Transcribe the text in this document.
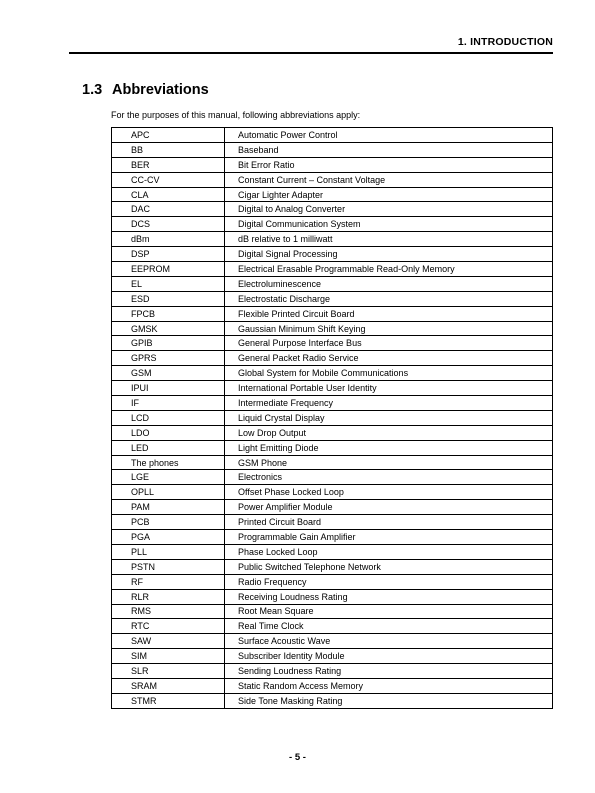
1. INTRODUCTION
1.3 Abbreviations
For the purposes of this manual, following abbreviations apply:
APC	Automatic Power Control
BB	Baseband
BER	Bit Error Ratio
CC-CV	Constant Current – Constant Voltage
CLA	Cigar Lighter Adapter
DAC	Digital to Analog Converter
DCS	Digital Communication System
dBm	dB relative to 1 milliwatt
DSP	Digital Signal Processing
EEPROM	Electrical Erasable Programmable Read-Only Memory
EL	Electroluminescence
ESD	Electrostatic Discharge
FPCB	Flexible Printed Circuit Board
GMSK	Gaussian Minimum Shift Keying
GPIB	General Purpose Interface Bus
GPRS	General Packet Radio Service
GSM	Global System for Mobile Communications
IPUI	International Portable User Identity
IF	Intermediate Frequency
LCD	Liquid Crystal Display
LDO	Low Drop Output
LED	Light Emitting Diode
The phones	GSM Phone
LGE	Electronics
OPLL	Offset Phase Locked Loop
PAM	Power Amplifier Module
PCB	Printed Circuit Board
PGA	Programmable Gain Amplifier
PLL	Phase Locked Loop
PSTN	Public Switched Telephone Network
RF	Radio Frequency
RLR	Receiving Loudness Rating
RMS	Root Mean Square
RTC	Real Time Clock
SAW	Surface Acoustic Wave
SIM	Subscriber Identity Module
SLR	Sending Loudness Rating
SRAM	Static Random Access Memory
STMR	Side Tone Masking Rating
- 5 -
